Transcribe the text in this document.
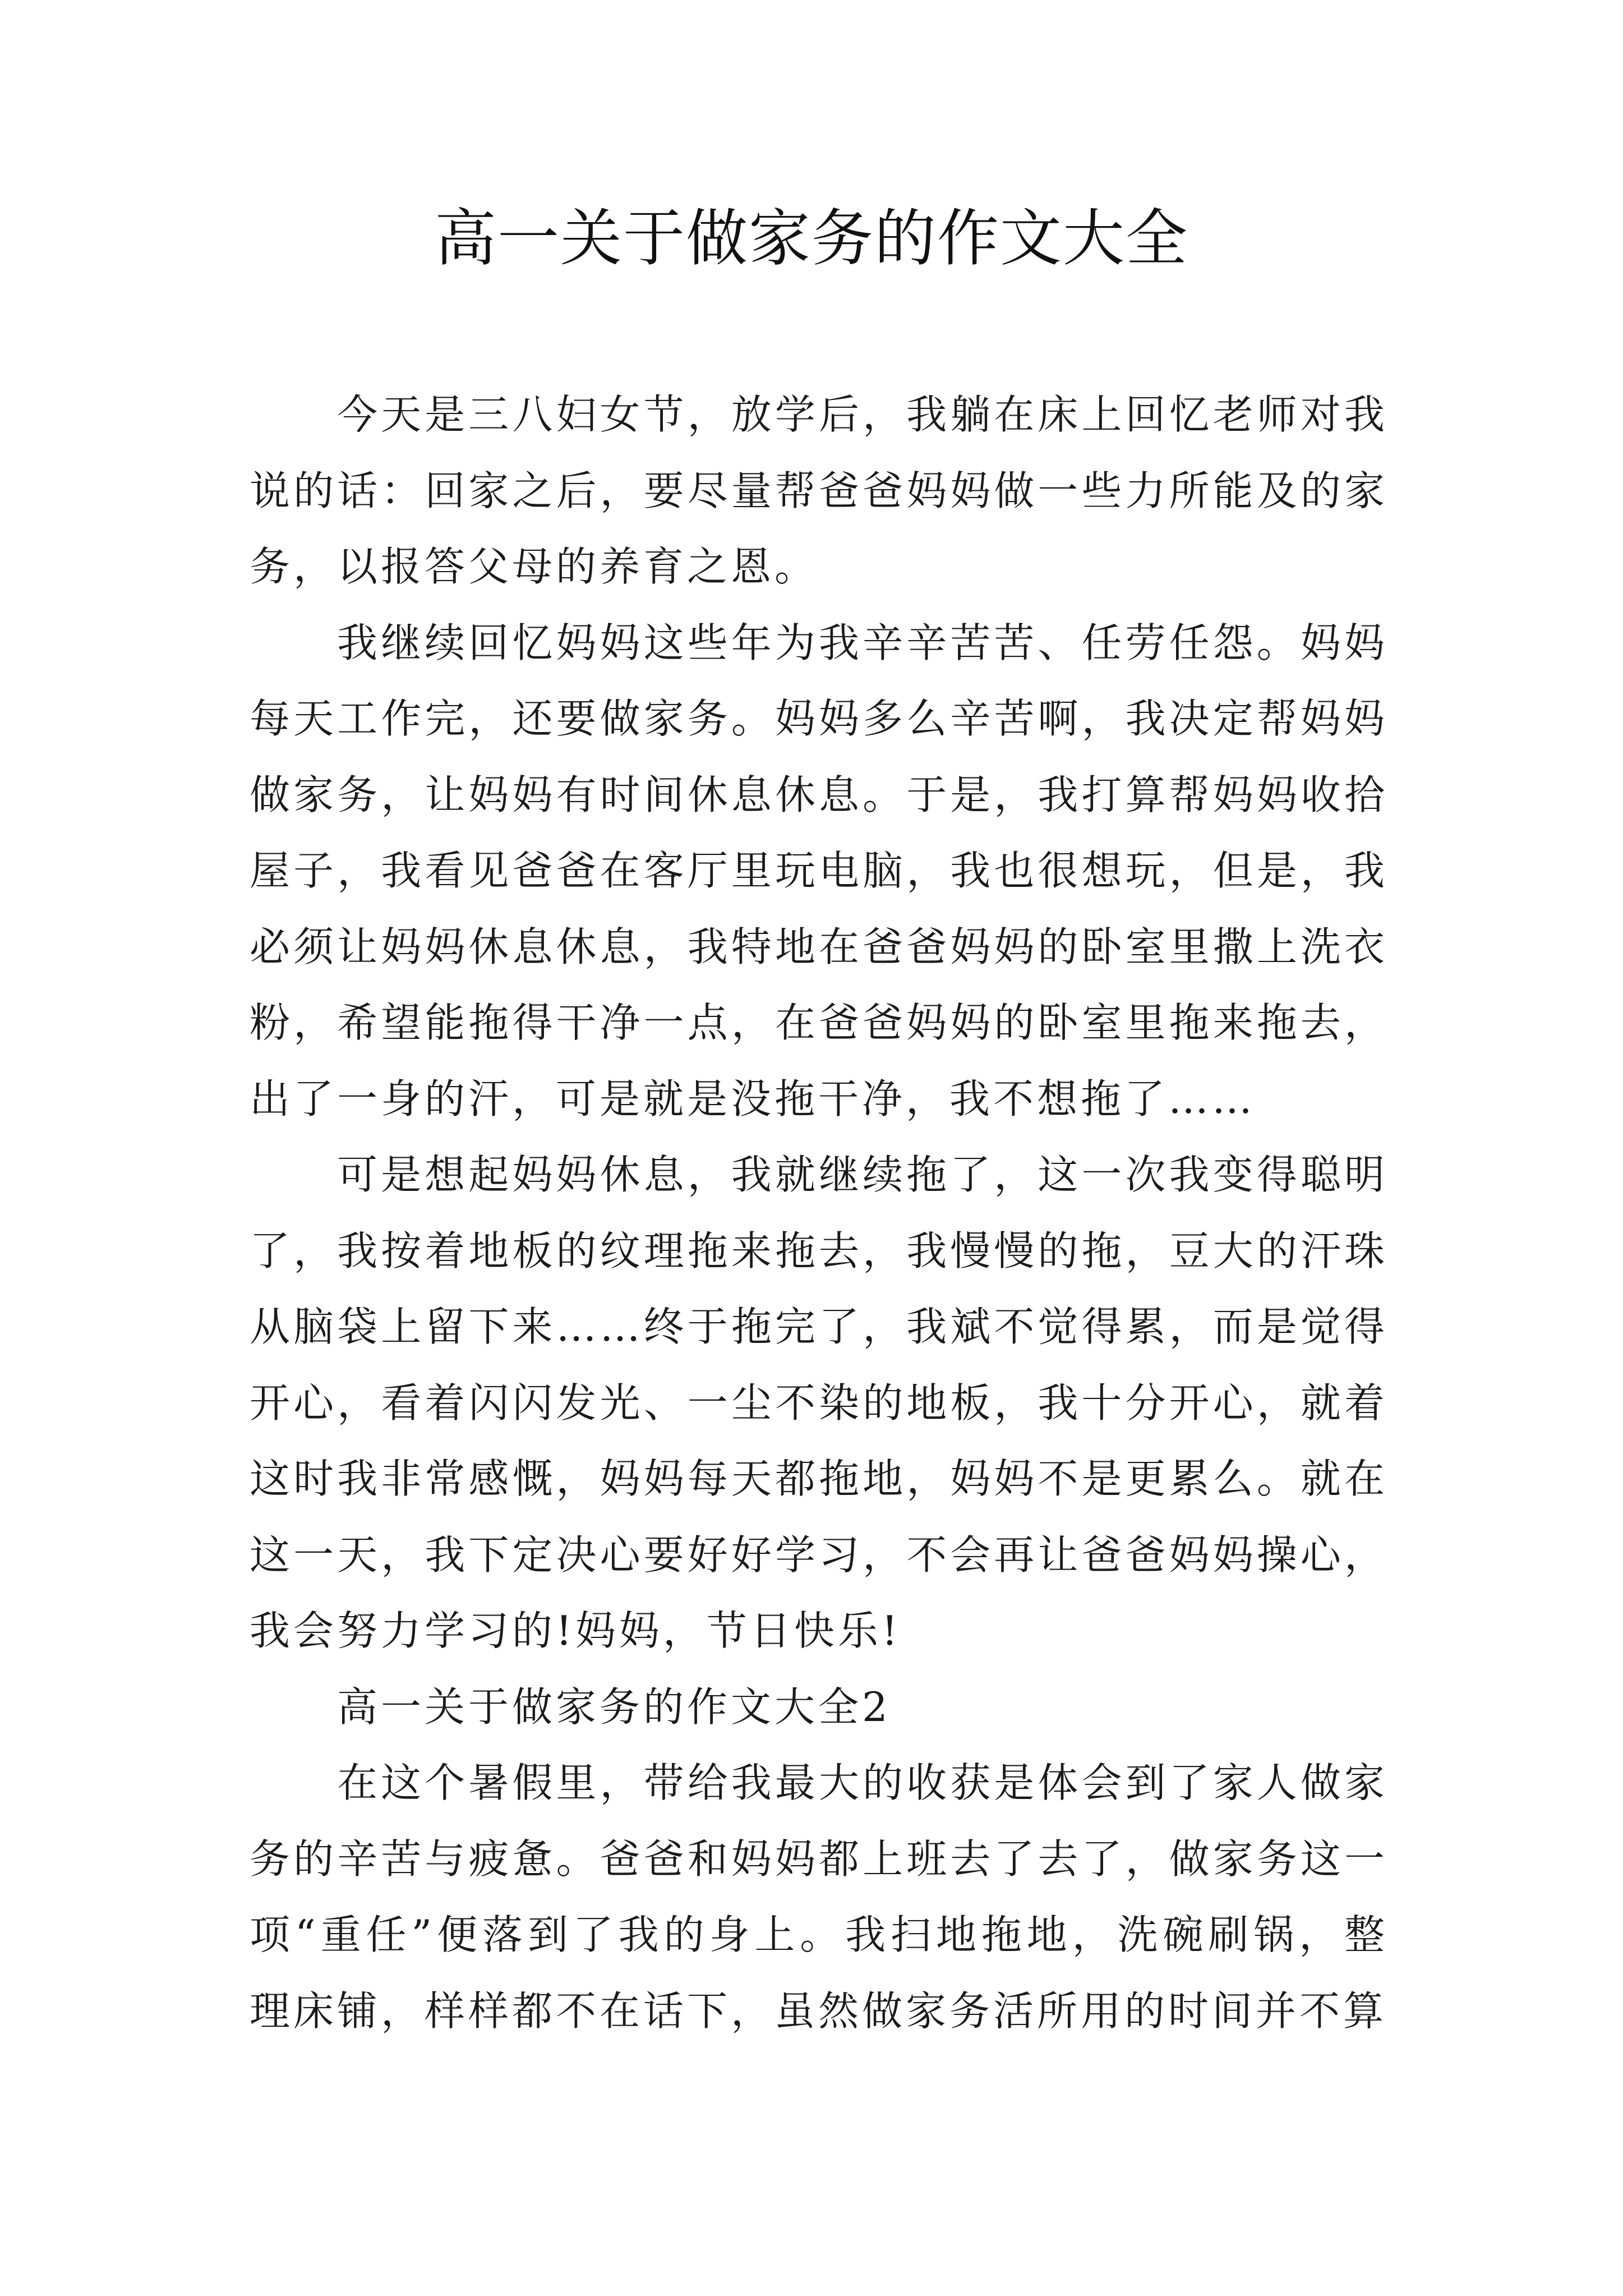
高一关于做家务的作文大全

今天是三八妇女节，放学后，我躺在床上回忆老师对我说的话：回家之后，要尽量帮爸爸妈妈做一些力所能及的家务，以报答父母的养育之恩。

我继续回忆妈妈这些年为我辛辛苦苦、任劳任怨。妈妈每天工作完，还要做家务。妈妈多么辛苦啊，我决定帮妈妈做家务，让妈妈有时间休息休息。于是，我打算帮妈妈收拾屋子，我看见爸爸在客厅里玩电脑，我也很想玩，但是，我必须让妈妈休息休息，我特地在爸爸妈妈的卧室里撒上洗衣粉，希望能拖得干净一点，在爸爸妈妈的卧室里拖来拖去，出了一身的汗，可是就是没拖干净，我不想拖了……

可是想起妈妈休息，我就继续拖了，这一次我变得聪明了，我按着地板的纹理拖来拖去，我慢慢的拖，豆大的汗珠从脑袋上留下来……终于拖完了，我斌不觉得累，而是觉得开心，看着闪闪发光、一尘不染的地板，我十分开心，就着这时我非常感慨，妈妈每天都拖地，妈妈不是更累么。就在这一天，我下定决心要好好学习，不会再让爸爸妈妈操心，我会努力学习的!妈妈，节日快乐!

高一关于做家务的作文大全2

在这个暑假里，带给我最大的收获是体会到了家人做家务的辛苦与疲惫。爸爸和妈妈都上班去了去了，做家务这一项“重任”便落到了我的身上。我扫地拖地，洗碗刷锅，整理床铺，样样都不在话下，虽然做家务活所用的时间并不算
